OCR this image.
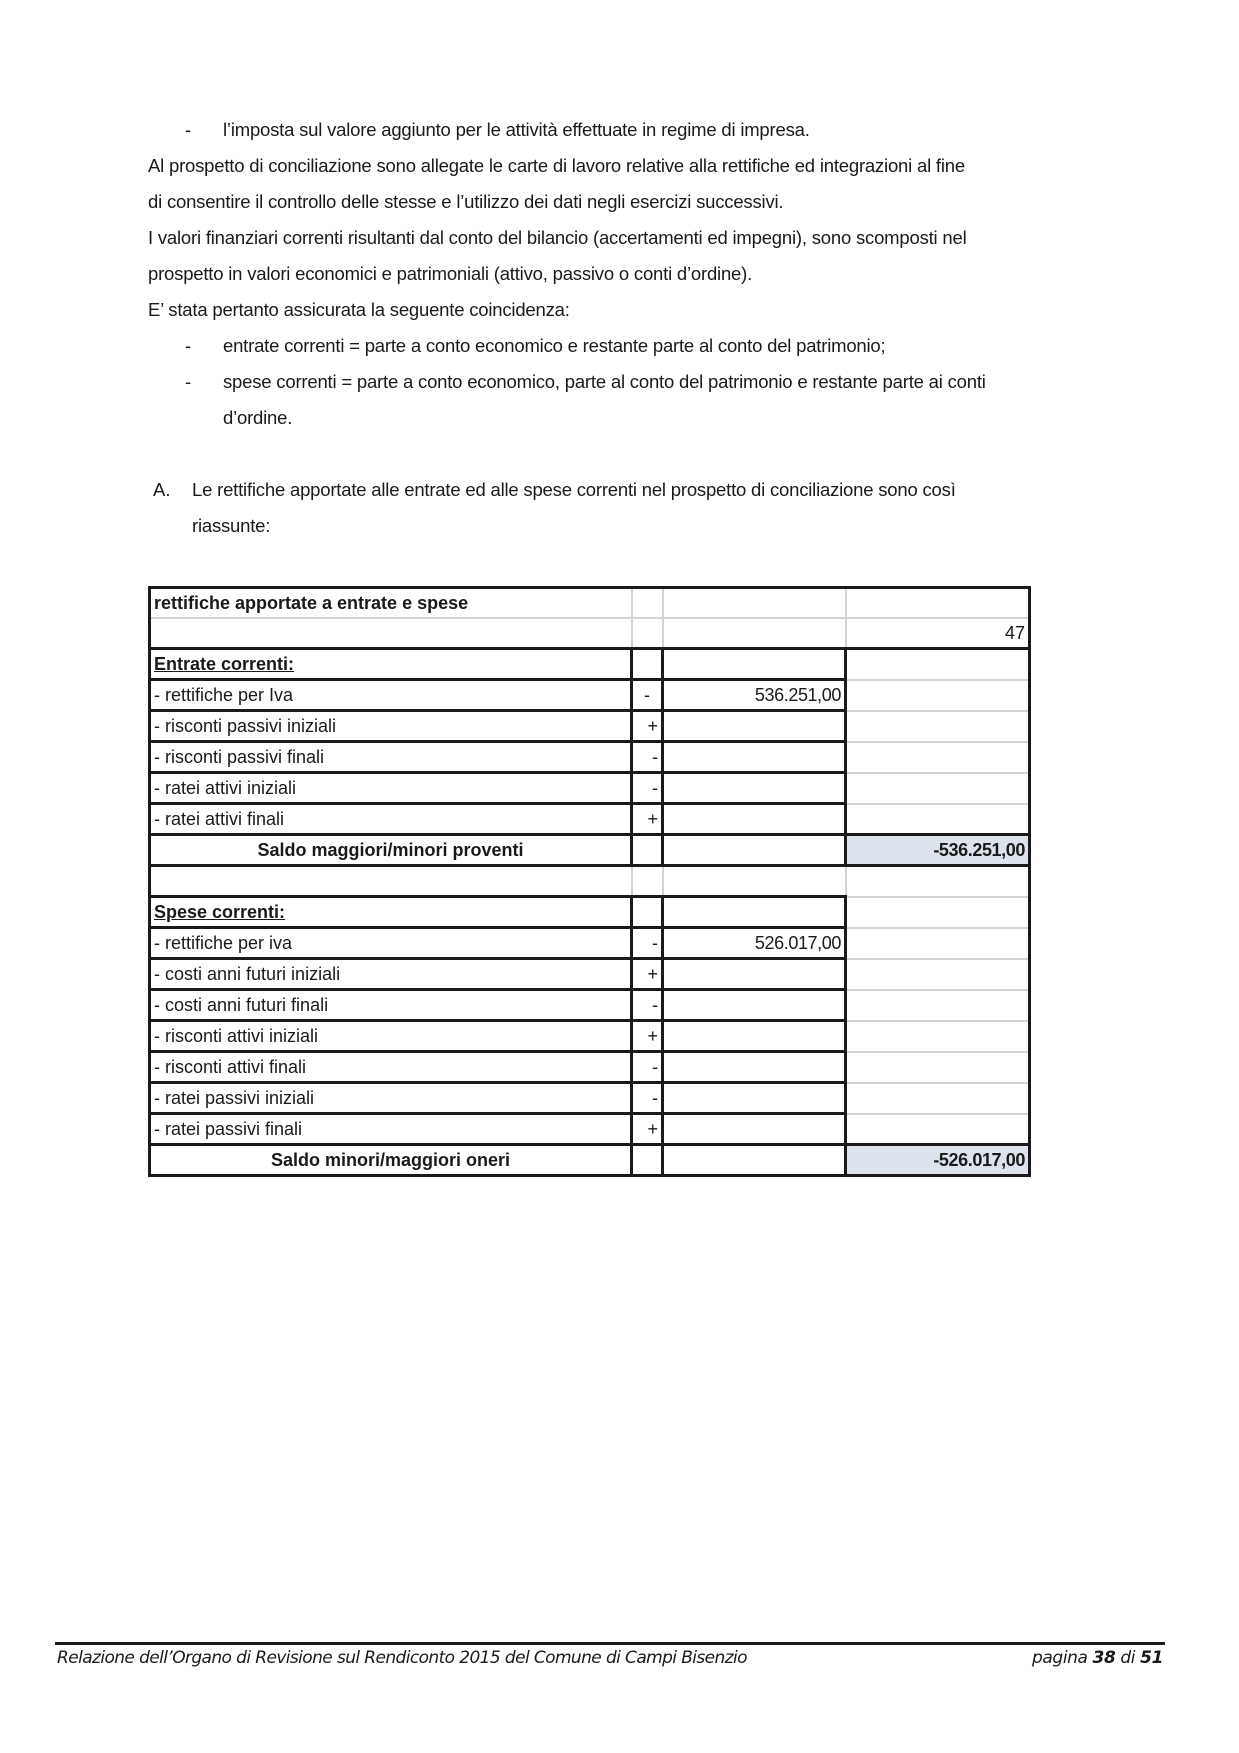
- l’imposta sul valore aggiunto per le attività effettuate in regime di impresa.
Al prospetto di conciliazione sono allegate le carte di lavoro relative alla rettifiche ed integrazioni al fine
di consentire il controllo delle stesse e l’utilizzo dei dati negli esercizi successivi.
I valori finanziari correnti risultanti dal conto del bilancio (accertamenti ed impegni), sono scomposti nel
prospetto in valori economici e patrimoniali (attivo, passivo o conti d’ordine).
E’ stata pertanto assicurata la seguente coincidenza:
- entrate correnti = parte a conto economico e restante parte al conto del patrimonio;
- spese correnti = parte a conto economico, parte al conto del patrimonio e restante parte ai conti
d’ordine.
A. Le rettifiche apportate alle entrate ed alle spese correnti nel prospetto di conciliazione sono così
riassunte:
rettifiche apportate a entrate e spese			
			47
Entrate correnti:			
- rettifiche per Iva	-	536.251,00	
- risconti passivi iniziali	+		
- risconti passivi finali	-		
- ratei attivi iniziali	-		
- ratei attivi finali	+		
Saldo maggiori/minori proventi			-536.251,00

Spese correnti:			
- rettifiche per iva	-	526.017,00	
- costi anni futuri iniziali	+		
- costi anni futuri finali	-		
- risconti attivi iniziali	+		
- risconti attivi finali	-		
- ratei passivi iniziali	-		
- ratei passivi finali	+		
Saldo minori/maggiori oneri			-526.017,00
Relazione dell’Organo di Revisione sul Rendiconto 2015 del Comune di Campi Bisenzio	pagina 38 di 51
